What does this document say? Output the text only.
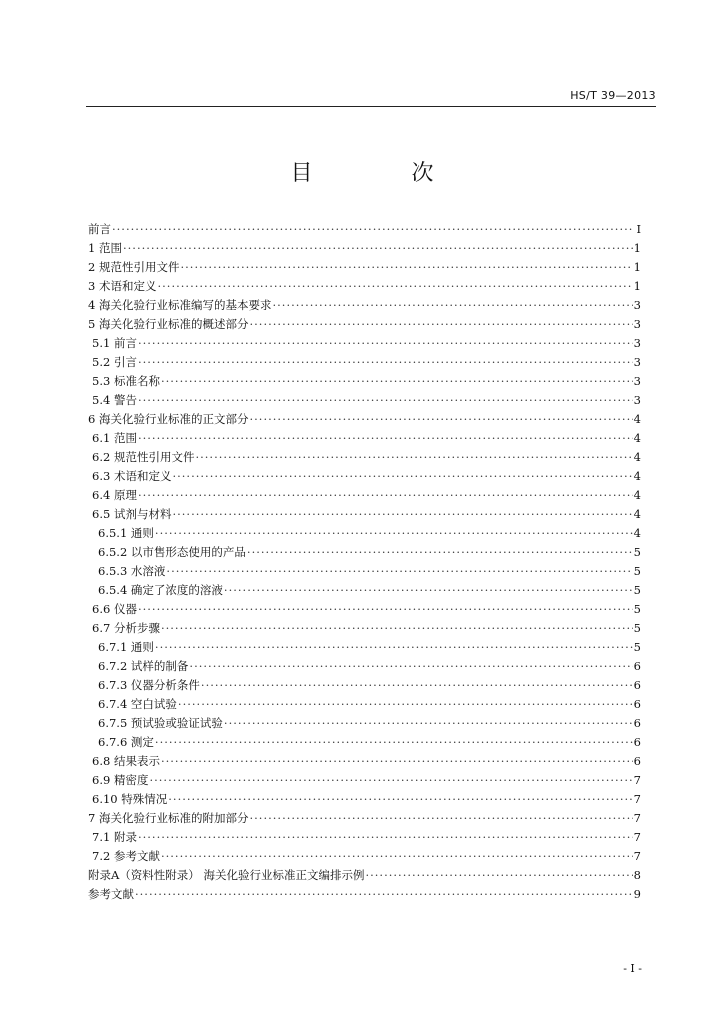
HS/T 39—2013
目 次
前言 ·····	I
1 范围 ·····	1
2 规范性引用文件 ·····	1
3 术语和定义 ·····	1
4 海关化验行业标准编写的基本要求 ·····	3
5 海关化验行业标准的概述部分 ·····	3
5.1 前言 ·····	3
5.2 引言 ·····	3
5.3 标准名称 ·····	3
5.4 警告 ·····	3
6 海关化验行业标准的正文部分 ·····	4
6.1 范围 ·····	4
6.2 规范性引用文件 ·····	4
6.3 术语和定义 ·····	4
6.4 原理 ·····	4
6.5 试剂与材料 ·····	4
6.5.1 通则 ·····	4
6.5.2 以市售形态使用的产品 ·····	5
6.5.3 水溶液 ·····	5
6.5.4 确定了浓度的溶液 ·····	5
6.6 仪器 ·····	5
6.7 分析步骤 ·····	5
6.7.1 通则 ·····	5
6.7.2 试样的制备 ·····	6
6.7.3 仪器分析条件 ·····	6
6.7.4 空白试验 ·····	6
6.7.5 预试验或验证试验 ·····	6
6.7.6 测定 ·····	6
6.8 结果表示 ·····	6
6.9 精密度 ·····	7
6.10 特殊情况 ·····	7
7 海关化验行业标准的附加部分 ·····	7
7.1 附录 ·····	7
7.2 参考文献 ·····	7
附录A（资料性附录） 海关化验行业标准正文编排示例 ·····	8
参考文献 ·····	9
- I -
